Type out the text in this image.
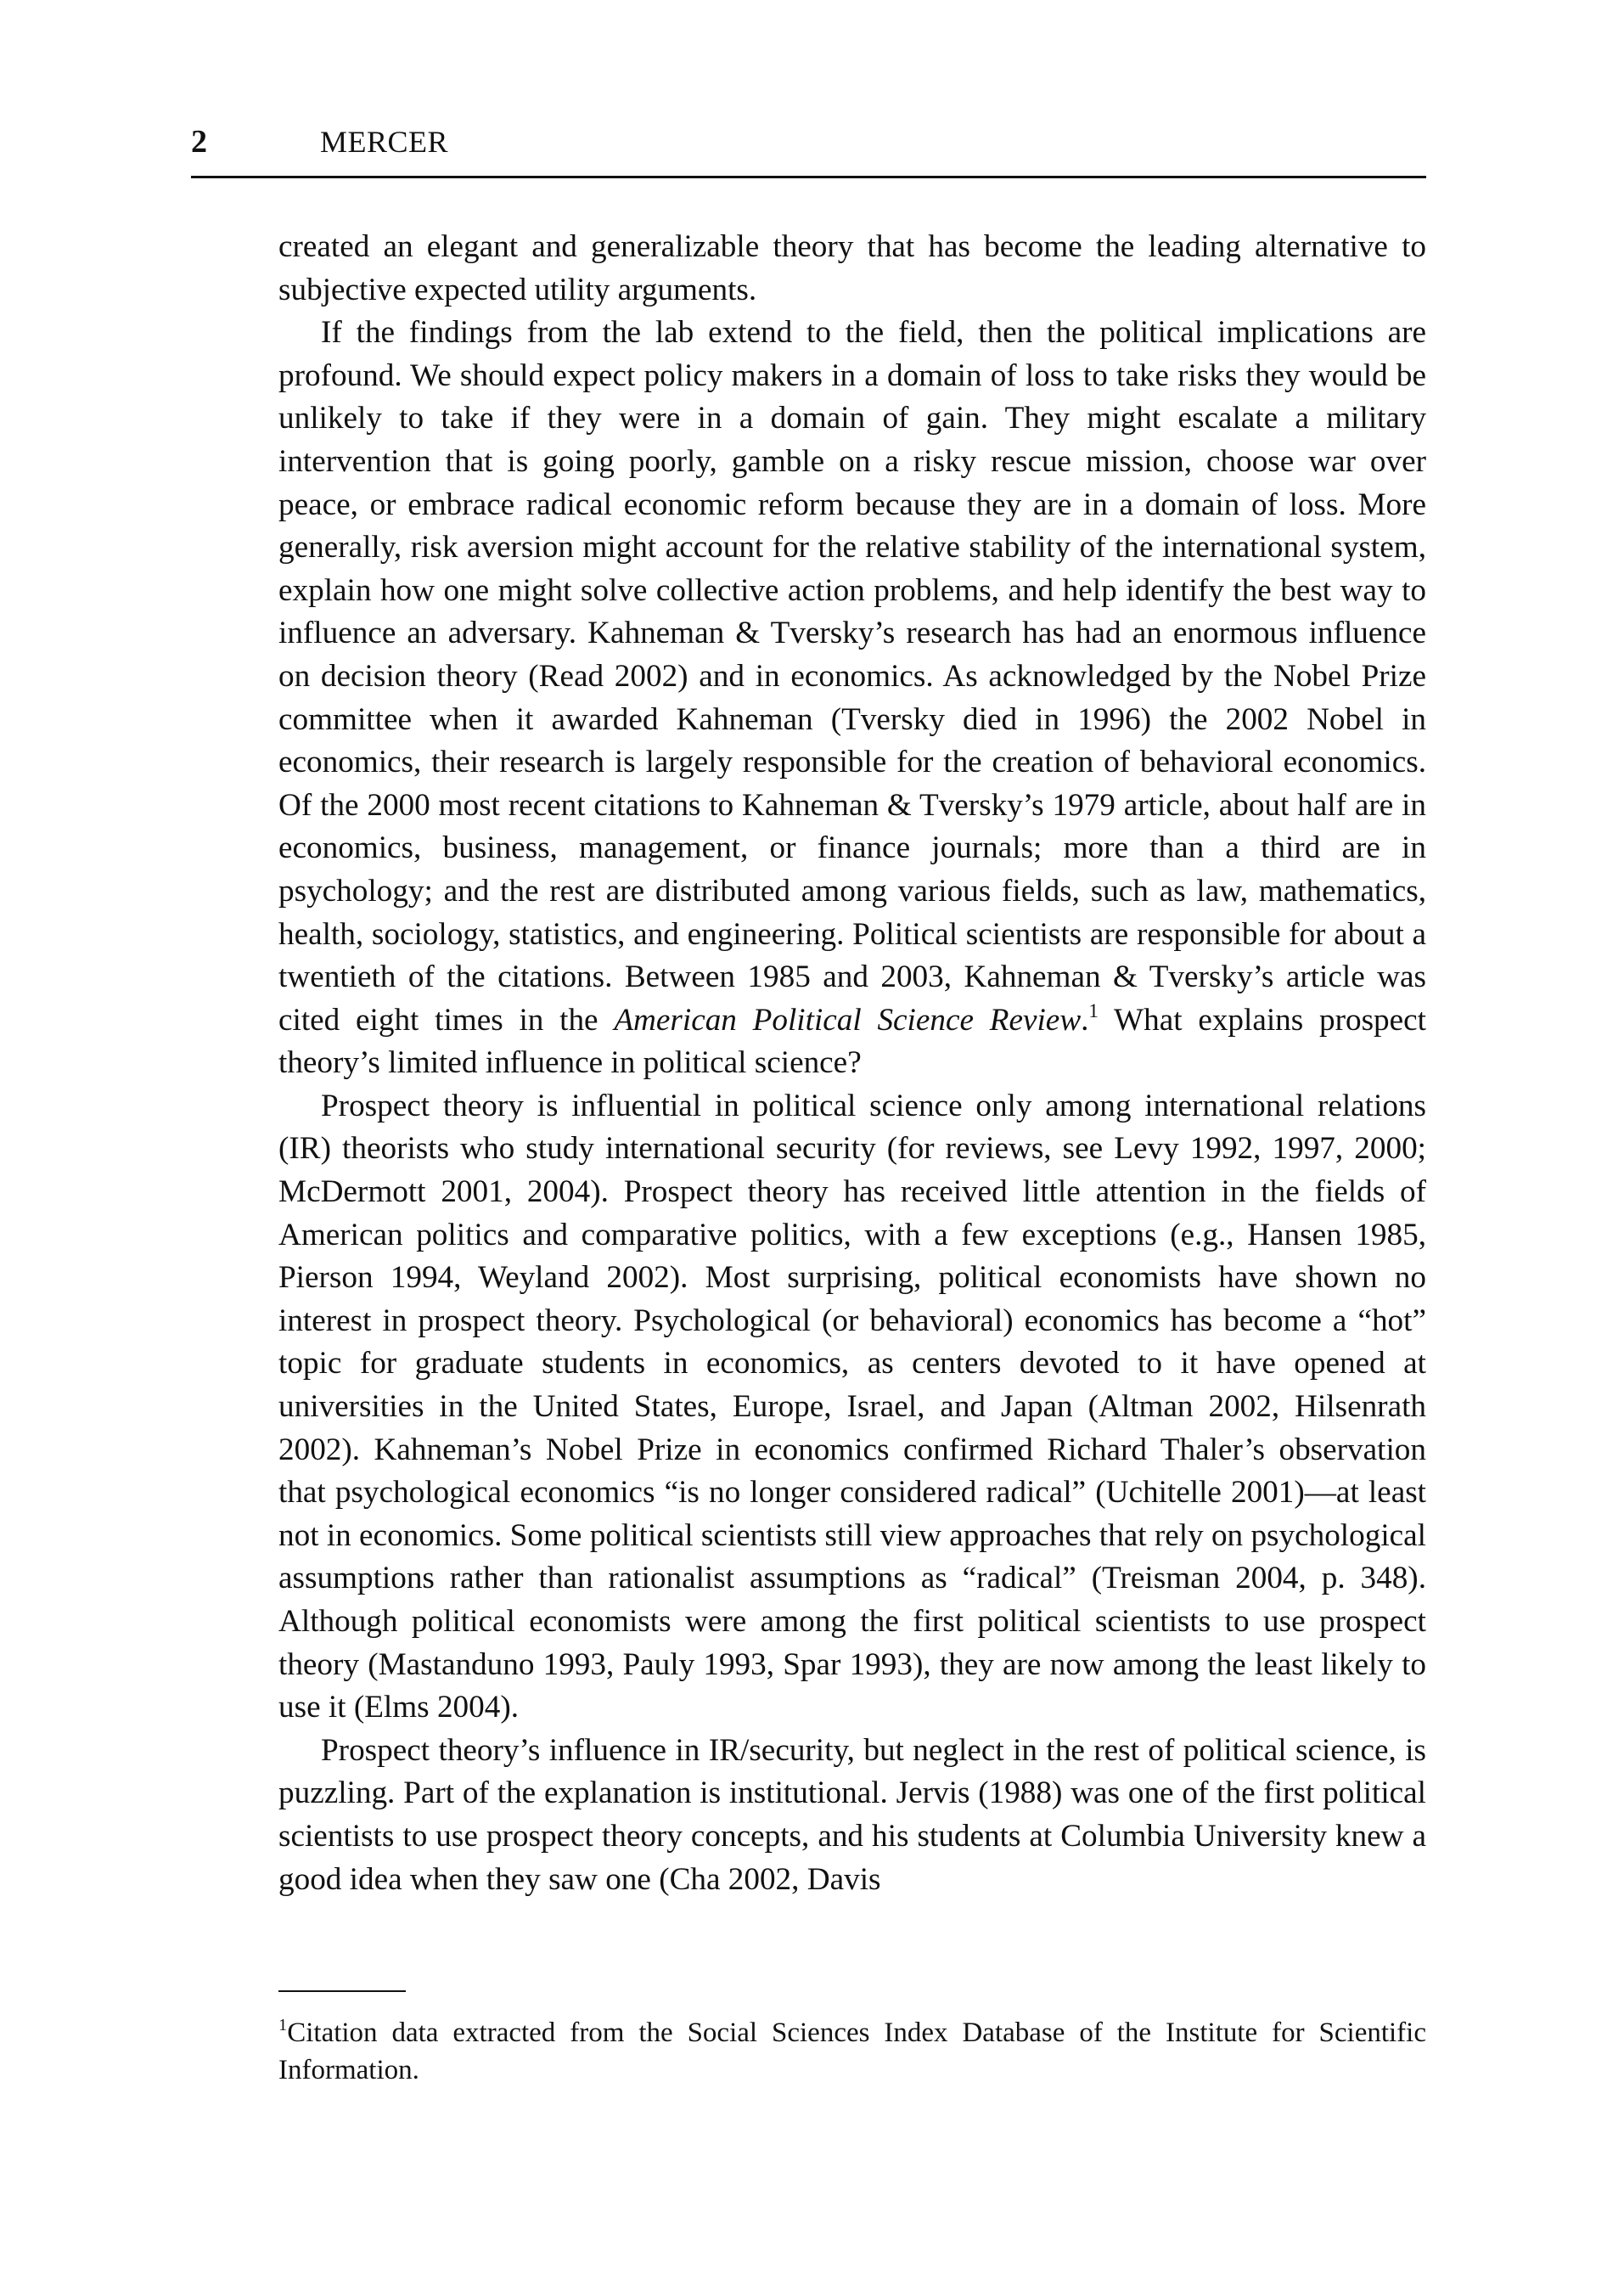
2	MERCER

created an elegant and generalizable theory that has become the leading alternative to subjective expected utility arguments.

If the findings from the lab extend to the field, then the political implications are profound. We should expect policy makers in a domain of loss to take risks they would be unlikely to take if they were in a domain of gain. They might escalate a military intervention that is going poorly, gamble on a risky rescue mission, choose war over peace, or embrace radical economic reform because they are in a domain of loss. More generally, risk aversion might account for the relative stability of the international system, explain how one might solve collective action problems, and help identify the best way to influence an adversary. Kahneman & Tversky’s research has had an enormous influence on decision theory (Read 2002) and in economics. As acknowledged by the Nobel Prize committee when it awarded Kahneman (Tversky died in 1996) the 2002 Nobel in economics, their research is largely responsible for the creation of behavioral economics. Of the 2000 most recent citations to Kahneman & Tversky’s 1979 article, about half are in economics, business, management, or finance journals; more than a third are in psychology; and the rest are distributed among various fields, such as law, mathematics, health, sociology, statistics, and engineering. Political scientists are responsible for about a twentieth of the citations. Between 1985 and 2003, Kahneman & Tversky’s article was cited eight times in the American Political Science Review.$^1$ What explains prospect theory’s limited influence in political science?

Prospect theory is influential in political science only among international relations (IR) theorists who study international security (for reviews, see Levy 1992, 1997, 2000; McDermott 2001, 2004). Prospect theory has received little attention in the fields of American politics and comparative politics, with a few exceptions (e.g., Hansen 1985, Pierson 1994, Weyland 2002). Most surprising, political economists have shown no interest in prospect theory. Psychological (or behavioral) economics has become a “hot” topic for graduate students in economics, as centers devoted to it have opened at universities in the United States, Europe, Israel, and Japan (Altman 2002, Hilsenrath 2002). Kahneman’s Nobel Prize in economics confirmed Richard Thaler’s observation that psychological economics “is no longer considered radical” (Uchitelle 2001)—at least not in economics. Some political scientists still view approaches that rely on psychological assumptions rather than rationalist assumptions as “radical” (Treisman 2004, p. 348). Although political economists were among the first political scientists to use prospect theory (Mastanduno 1993, Pauly 1993, Spar 1993), they are now among the least likely to use it (Elms 2004).

Prospect theory’s influence in IR/security, but neglect in the rest of political science, is puzzling. Part of the explanation is institutional. Jervis (1988) was one of the first political scientists to use prospect theory concepts, and his students at Columbia University knew a good idea when they saw one (Cha 2002, Davis

$^1$Citation data extracted from the Social Sciences Index Database of the Institute for Scientific Information.
